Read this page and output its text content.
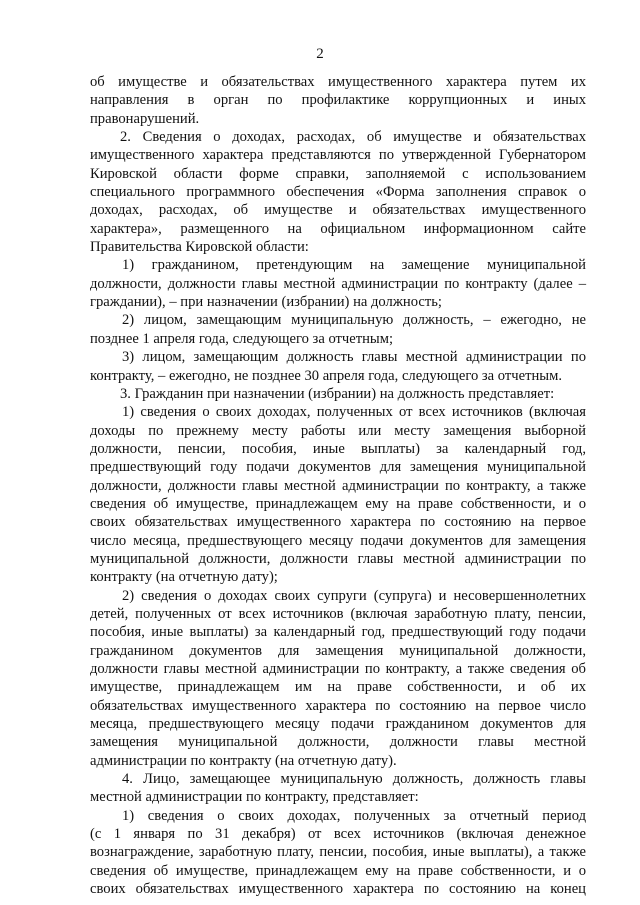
2

об имуществе и обязательствах имущественного характера путем их

направления в орган по профилактике коррупционных и иных

правонарушений.

2. Сведения о доходах, расходах, об имуществе и обязательствах

имущественного характера представляются по утвержденной Губернатором

Кировской области форме справки, заполняемой с использованием

специального программного обеспечения «Форма заполнения справок о

доходах, расходах, об имуществе и обязательствах имущественного

характера», размещенного на официальном информационном сайте

Правительства Кировской области:

1) гражданином, претендующим на замещение муниципальной

должности, должности главы местной администрации по контракту (далее –

граждании), – при назначении (избрании) на должность;

2) лицом, замещающим муниципальную должность, – ежегодно, не

позднее 1 апреля года, следующего за отчетным;

3) лицом, замещающим должность главы местной администрации по

контракту, – ежегодно, не позднее 30 апреля года, следующего за отчетным.

3. Гражданин при назначении (избрании) на должность представляет:

1) сведения о своих доходах, полученных от всех источников (включая

доходы по прежнему месту работы или месту замещения выборной

должности, пенсии, пособия, иные выплаты) за календарный год,

предшествующий году подачи документов для замещения муниципальной

должности, должности главы местной администрации по контракту, а также

сведения об имуществе, принадлежащем ему на праве собственности, и о

своих обязательствах имущественного характера по состоянию на первое

число месяца, предшествующего месяцу подачи документов для замещения

муниципальной должности, должности главы местной администрации по

контракту (на отчетную дату);

2) сведения о доходах своих супруги (супруга) и несовершеннолетних

детей, полученных от всех источников (включая заработную плату, пенсии,

пособия, иные выплаты) за календарный год, предшествующий году подачи

гражданином документов для замещения муниципальной должности,

должности главы местной администрации по контракту, а также сведения об

имуществе, принадлежащем им на праве собственности, и об их

обязательствах имущественного характера по состоянию на первое число

месяца, предшествующего месяцу подачи гражданином документов для

замещения муниципальной должности, должности главы местной

администрации по контракту (на отчетную дату).

4. Лицо, замещающее муниципальную должность, должность главы

местной администрации по контракту, представляет:

1) сведения о своих доходах, полученных за отчетный период

(с 1 января по 31 декабря) от всех источников (включая денежное

вознаграждение, заработную плату, пенсии, пособия, иные выплаты), а также

сведения об имуществе, принадлежащем ему на праве собственности, и о

своих обязательствах имущественного характера по состоянию на конец
